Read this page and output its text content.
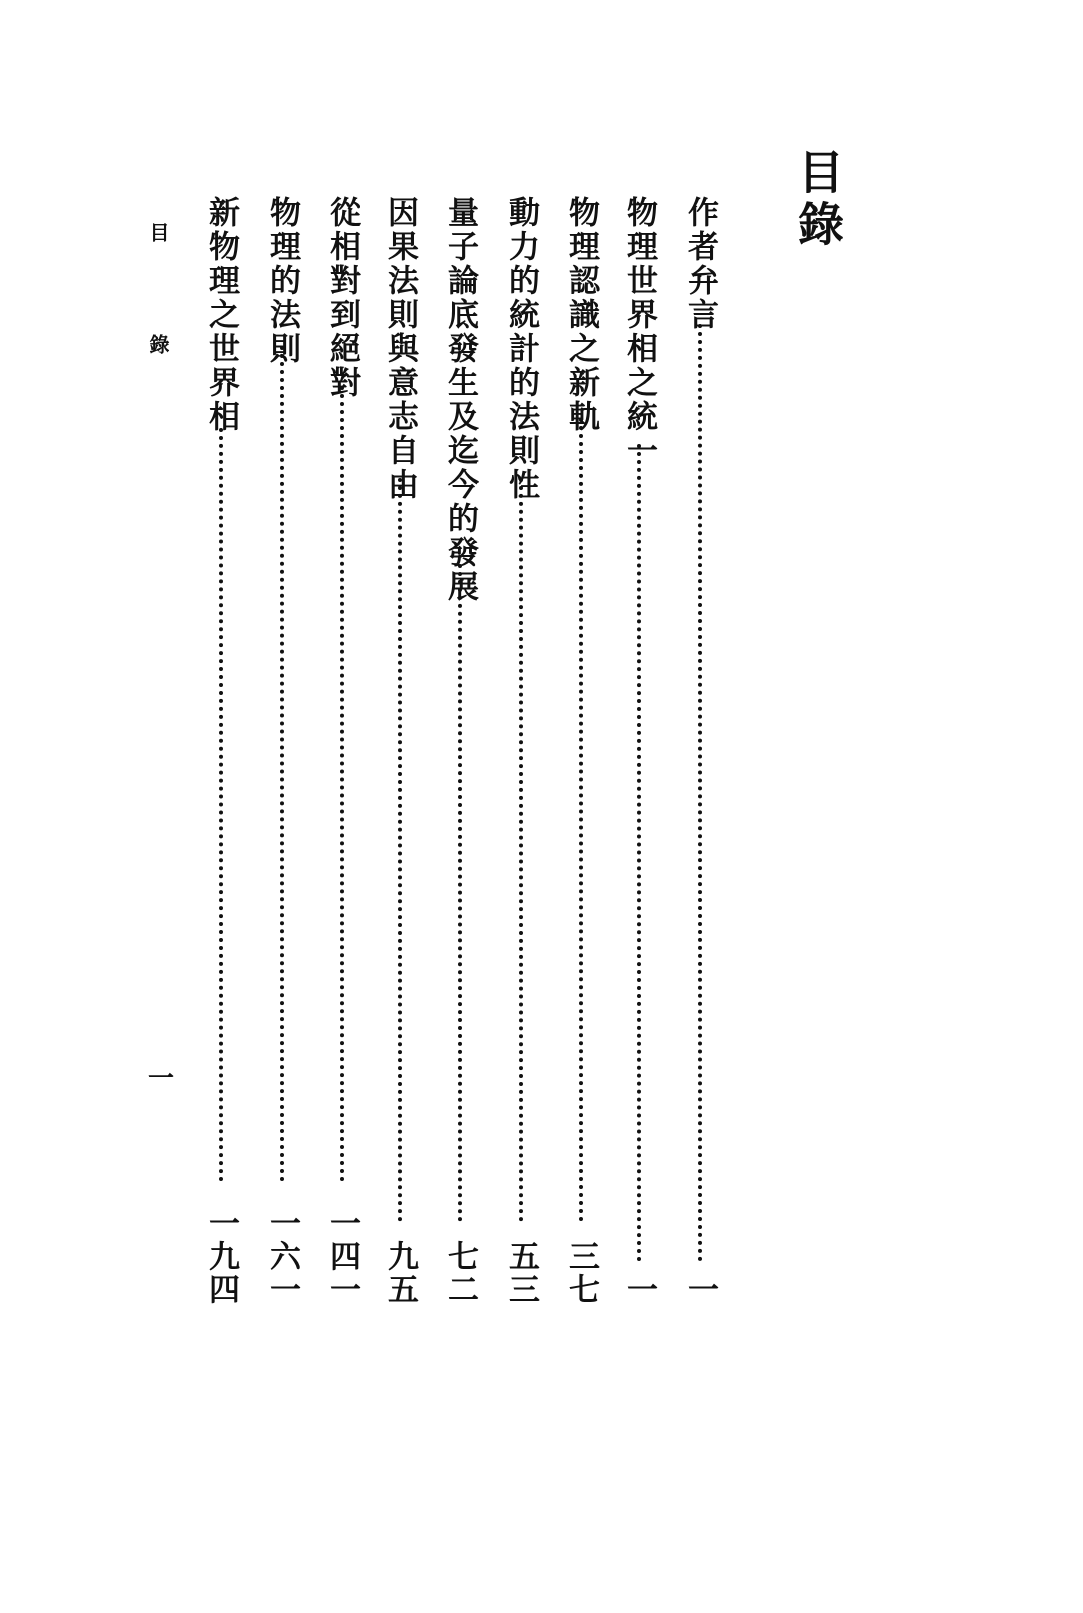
目錄
作者弁言
一
物理世界相之統一
一
物理認識之新軌
三七
動力的統計的法則性
五三
量子論底發生及迄今的發展
七二
因果法則與意志自由
九五
從相對到絕對
一四一
物理的法則
一六一
新物理之世界相
一九四
目錄
一
